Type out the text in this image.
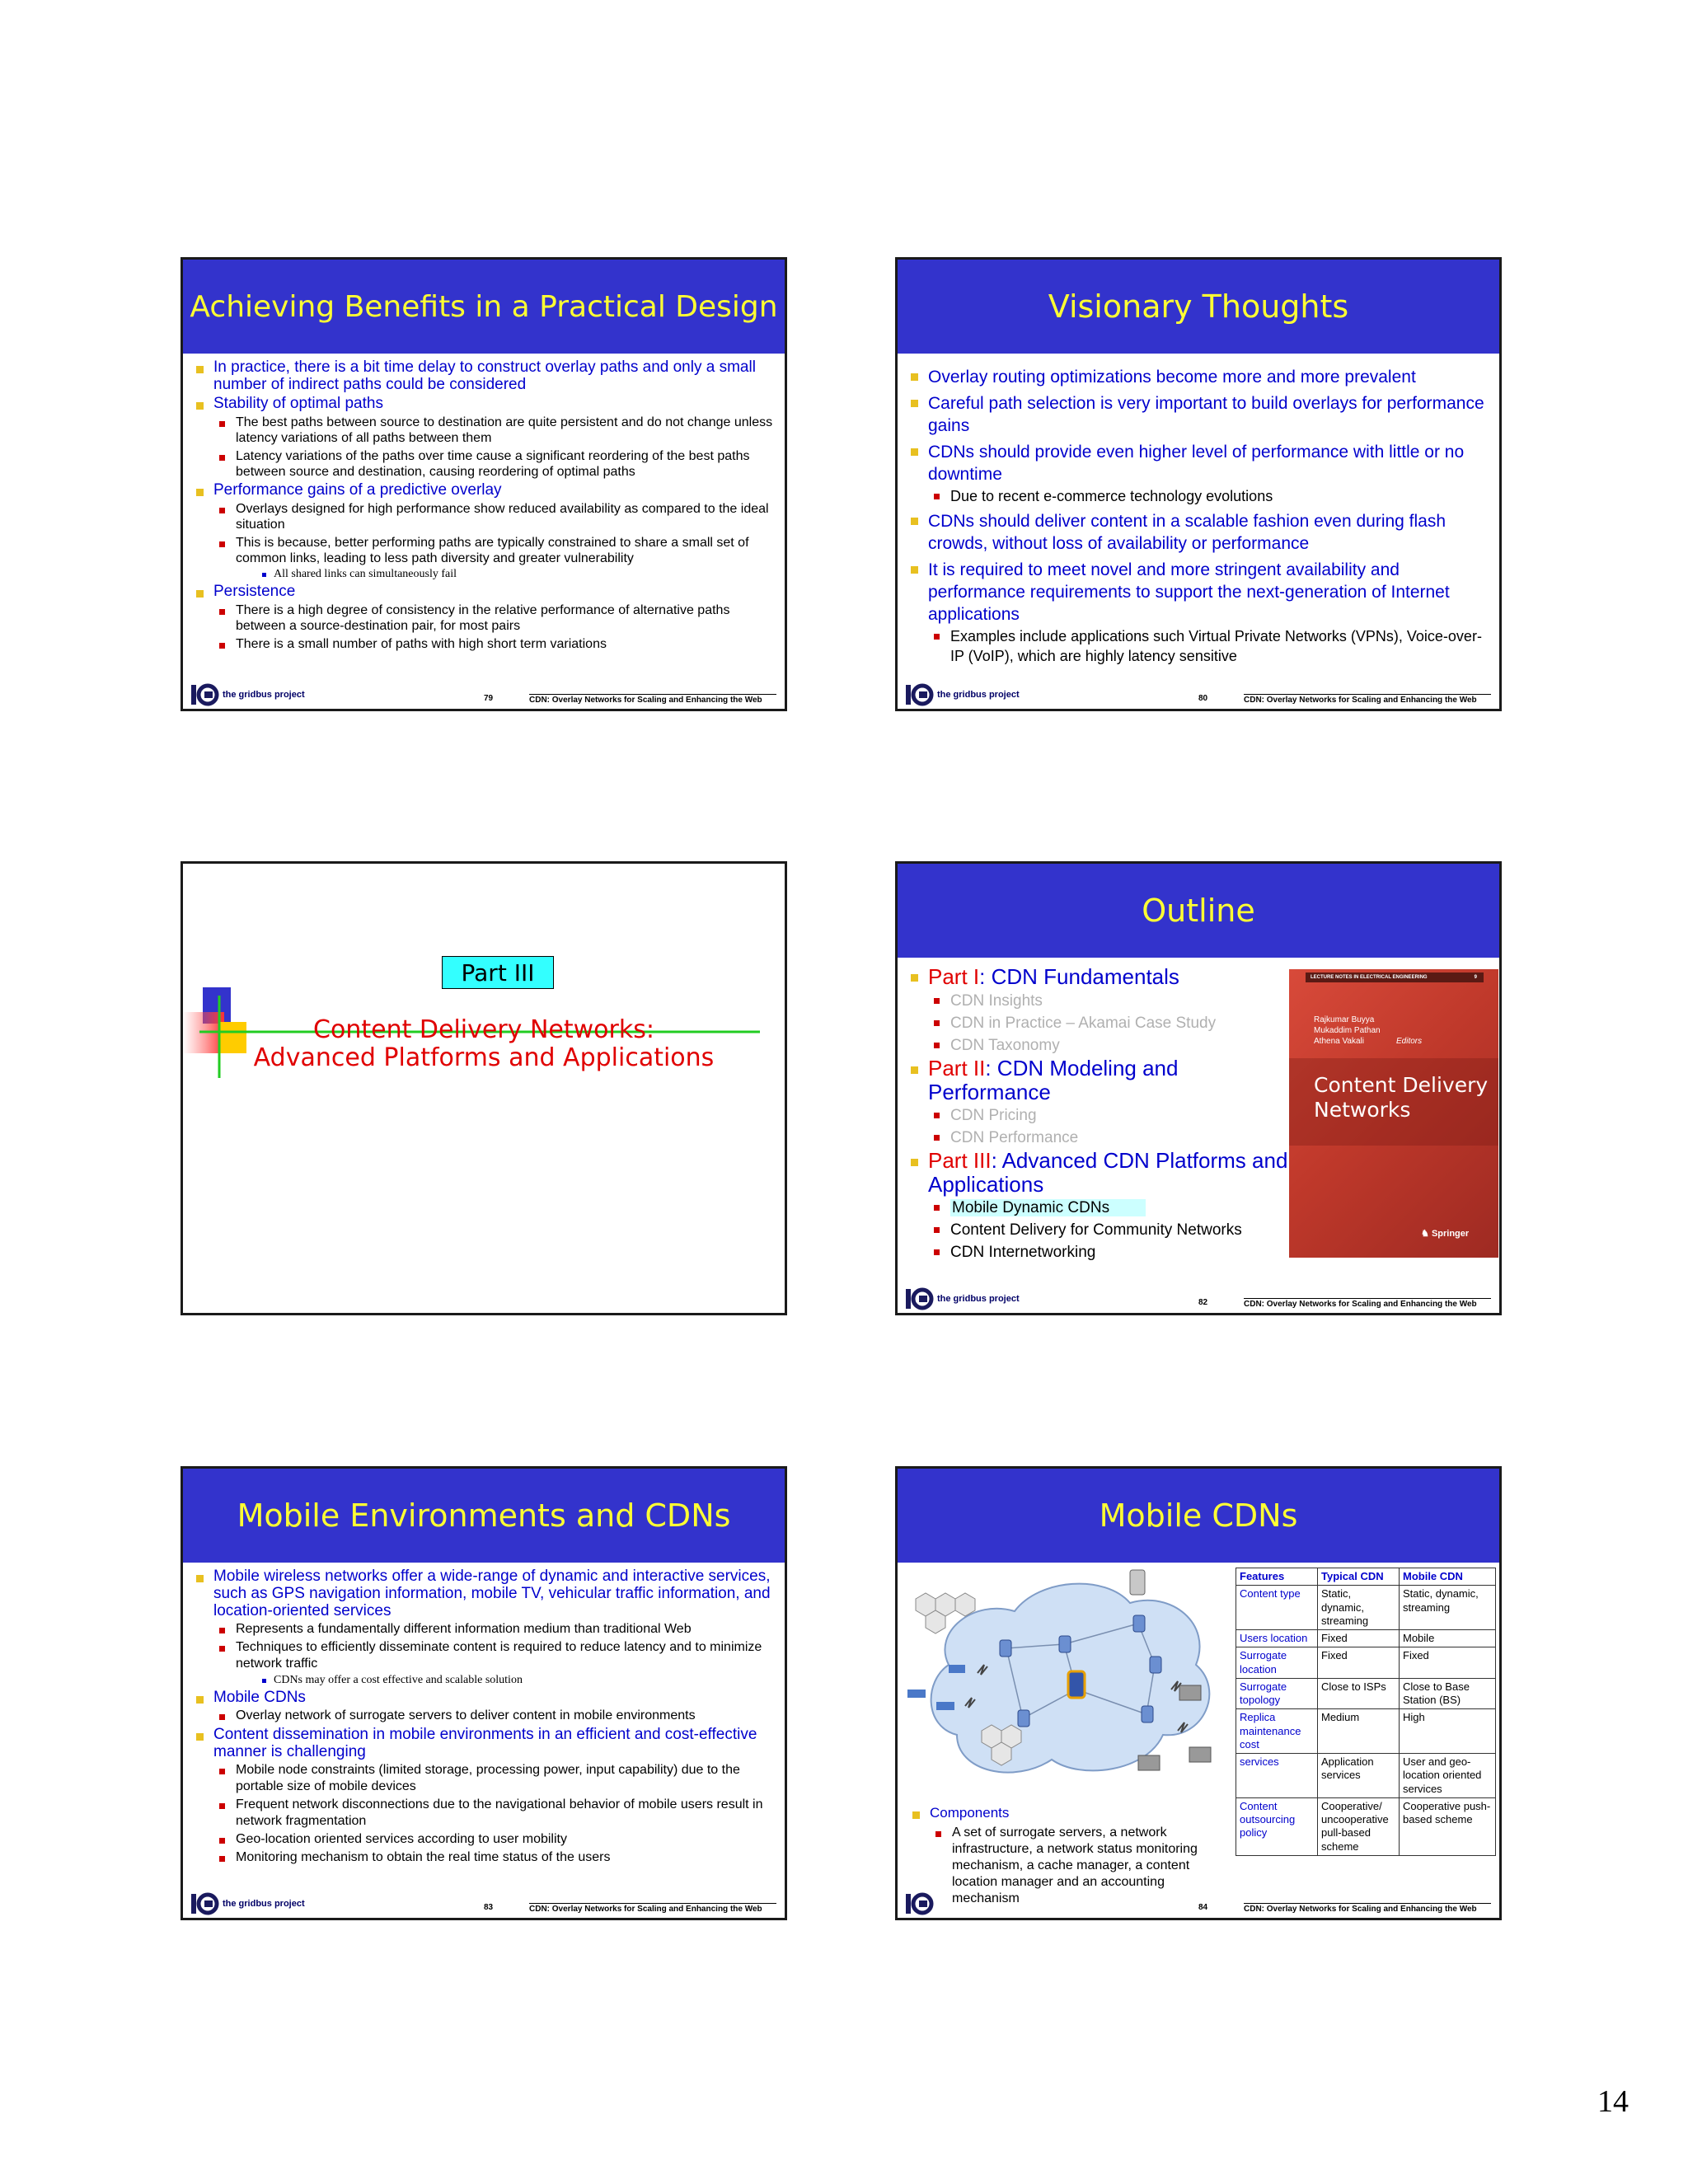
Achieving Benefits in a Practical Design
In practice, there is a bit time delay to construct overlay paths and only a small number of indirect paths could be considered
Stability of optimal paths
The best paths between source to destination are quite persistent and do not change unless latency variations of all paths between them
Latency variations of the paths over time cause a significant reordering of the best paths between source and destination, causing reordering of optimal paths
Performance gains of a predictive overlay
Overlays designed for high performance show reduced availability as compared to the ideal situation
This is because, better performing paths are typically constrained to share a small set of common links, leading to less path diversity and greater vulnerability
All shared links can simultaneously fail
Persistence
There is a high degree of consistency in the relative performance of alternative paths between a source-destination pair, for most pairs
There is a small number of paths with high short term variations
the gridbus project	79	CDN: Overlay Networks for Scaling and Enhancing the Web
Visionary Thoughts
Overlay routing optimizations become more and more prevalent
Careful path selection is very important to build overlays for performance gains
CDNs should provide even higher level of performance with little or no downtime
Due to recent e-commerce technology evolutions
CDNs should deliver content in a scalable fashion even during flash crowds, without loss of availability or performance
It is required to meet novel and more stringent availability and performance requirements to support the next-generation of Internet applications
Examples include applications such Virtual Private Networks (VPNs), Voice-over-IP (VoIP), which are highly latency sensitive
the gridbus project	80	CDN: Overlay Networks for Scaling and Enhancing the Web
Part III
Content Delivery Networks:
Advanced Platforms and Applications
Outline
Part I: CDN Fundamentals
CDN Insights
CDN in Practice – Akamai Case Study
CDN Taxonomy
Part II: CDN Modeling and Performance
CDN Pricing
CDN Performance
Part III: Advanced CDN Platforms and Applications
Mobile Dynamic CDNs
Content Delivery for Community Networks
CDN Internetworking
LECTURE NOTES IN ELECTRICAL ENGINEERING	9
Rajkumar Buyya
Mukaddim Pathan
Athena Vakali	Editors
Content Delivery
Networks
♞ Springer
the gridbus project	82	CDN: Overlay Networks for Scaling and Enhancing the Web
Mobile Environments and CDNs
Mobile wireless networks offer a wide-range of dynamic and interactive services, such as GPS navigation information, mobile TV, vehicular traffic information, and location-oriented services
Represents a fundamentally different information medium than traditional Web
Techniques to efficiently disseminate content is required to reduce latency and to minimize network traffic
CDNs may offer a cost effective and scalable solution
Mobile CDNs
Overlay network of surrogate servers to deliver content in mobile environments
Content dissemination in mobile environments in an efficient and cost-effective manner is challenging
Mobile node constraints (limited storage, processing power, input capability) due to the portable size of mobile devices
Frequent network disconnections due to the navigational behavior of mobile users result in network fragmentation
Geo-location oriented services according to user mobility
Monitoring mechanism to obtain the real time status of the users
the gridbus project	83	CDN: Overlay Networks for Scaling and Enhancing the Web
Mobile CDNs
Components
A set of surrogate servers, a network infrastructure, a network status monitoring mechanism, a cache manager, a content location manager and an accounting mechanism
Features	Typical CDN	Mobile CDN
Content type	Static, dynamic, streaming	Static, dynamic, streaming
Users location	Fixed	Mobile
Surrogate location	Fixed	Fixed
Surrogate topology	Close to ISPs	Close to Base Station (BS)
Replica maintenance cost	Medium	High
services	Application services	User and geo-location oriented services
Content outsourcing policy	Cooperative/ uncooperative pull-based scheme	Cooperative push-based scheme
84	CDN: Overlay Networks for Scaling and Enhancing the Web
14
